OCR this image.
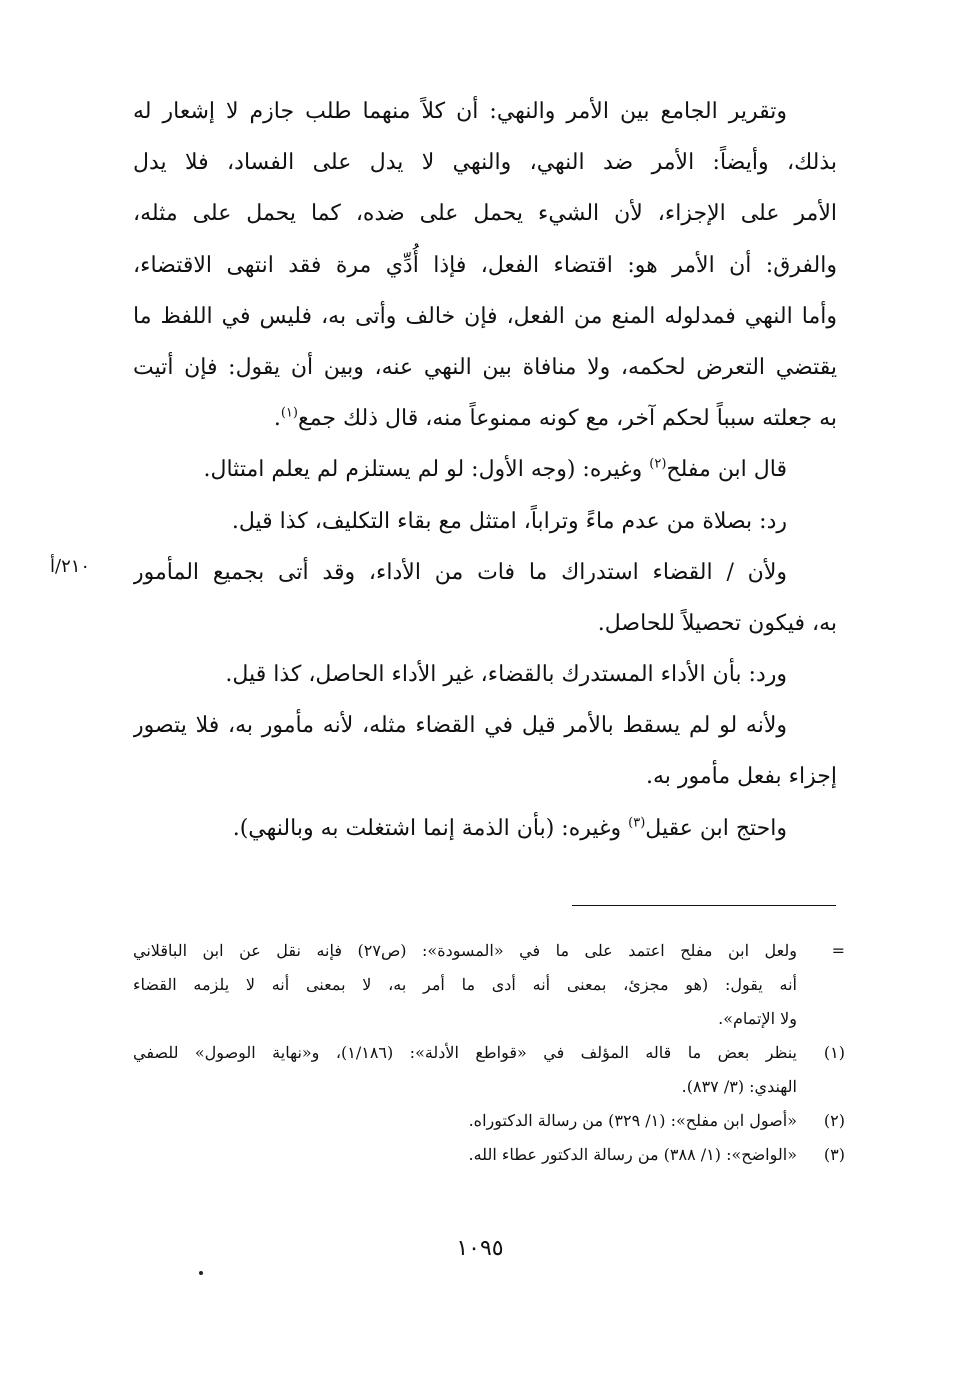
وتقرير الجامع بين الأمر والنهي: أن كلاً منهما طلب جازم لا إشعار له
بذلك، وأيضاً: الأمر ضد النهي، والنهي لا يدل على الفساد، فلا يدل
الأمر على الإجزاء، لأن الشيء يحمل على ضده، كما يحمل على مثله،
والفرق: أن الأمر هو: اقتضاء الفعل، فإذا أُدِّي مرة فقد انتهى الاقتضاء،
وأما النهي فمدلوله المنع من الفعل، فإن خالف وأتى به، فليس في اللفظ ما
يقتضي التعرض لحكمه، ولا منافاة بين النهي عنه، وبين أن يقول: فإن أتيت
به جعلته سبباً لحكم آخر، مع كونه ممنوعاً منه، قال ذلك جمع$^{(١)}$.
قال ابن مفلح$^{(٢)}$ وغيره: (وجه الأول: لو لم يستلزم لم يعلم امتثال.
رد: بصلاة من عدم ماءً وتراباً، امتثل مع بقاء التكليف، كذا قيل.
ولأن / القضاء استدراك ما فات من الأداء، وقد أتى بجميع المأمور
به، فيكون تحصيلاً للحاصل.
ورد: بأن الأداء المستدرك بالقضاء، غير الأداء الحاصل، كذا قيل.
ولأنه لو لم يسقط بالأمر قيل في القضاء مثله، لأنه مأمور به، فلا يتصور
إجزاء بفعل مأمور به.
واحتج ابن عقيل$^{(٣)}$ وغيره: (بأن الذمة إنما اشتغلت به وبالنهي).
٢١٠/أ
=
ولعل ابن مفلح اعتمد على ما في «المسودة»: (ص٢٧) فإنه نقل عن ابن الباقلاني
أنه يقول: (هو مجزئ، بمعنى أنه أدى ما أمر به، لا بمعنى أنه لا يلزمه القضاء
ولا الإتمام».
(١)
ينظر بعض ما قاله المؤلف في «قواطع الأدلة»: (١/١٨٦)، و«نهاية الوصول» للصفي
الهندي: (٣/ ٨٣٧).
(٢)
«أصول ابن مفلح»: (١/ ٣٢٩) من رسالة الدكتوراه.
(٣)
«الواضح»: (١/ ٣٨٨) من رسالة الدكتور عطاء الله.
١٠٩٥
